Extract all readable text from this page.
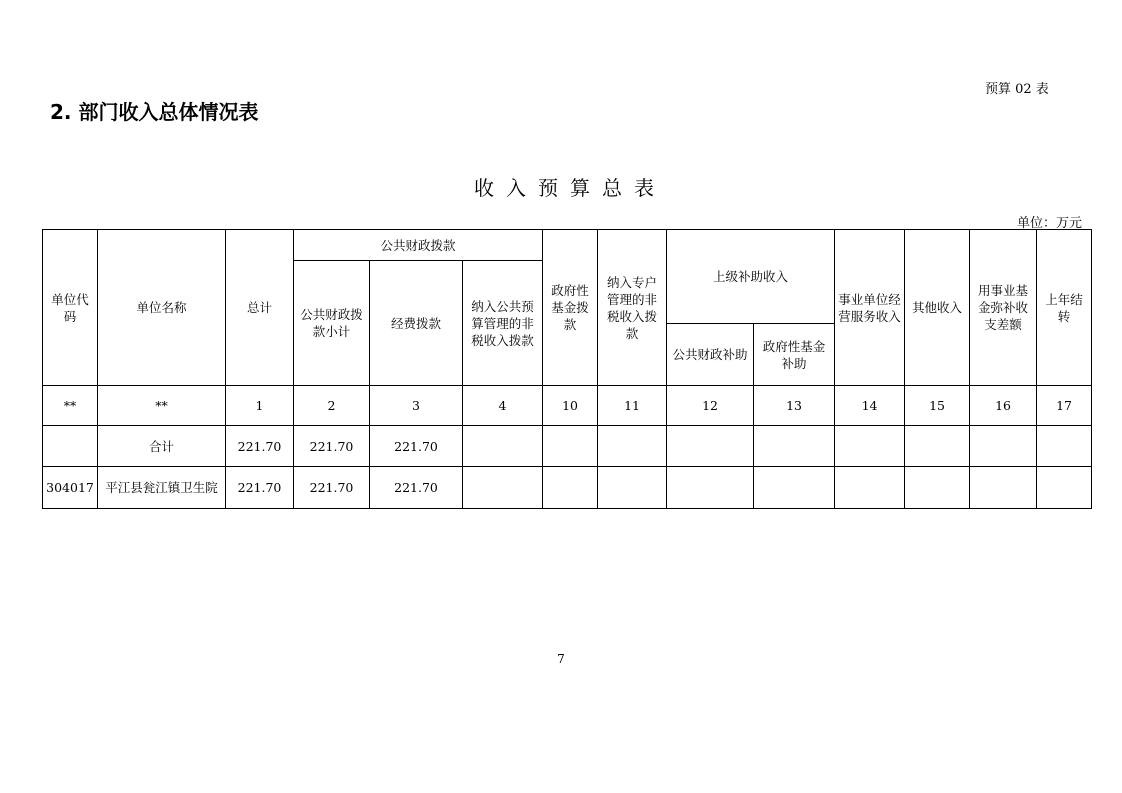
预算 02 表
2. 部门收入总体情况表
收入预算总表
单位：万元
单位代码	单位名称	总计	公共财政拨款			政府性基金拨款	纳入专户管理的非税收入拨款	上级补助收入		事业单位经营服务收入	其他收入	用事业基金弥补收支差额	上年结转
			公共财政拨款小计	经费拨款	纳入公共预算管理的非税收入拨款								
								公共财政补助	政府性基金补助				
**	**	1	2	3	4	10	11	12	13	14	15	16	17
	合计	221.70	221.70	221.70									
304017	平江县瓮江镇卫生院	221.70	221.70	221.70									
7
